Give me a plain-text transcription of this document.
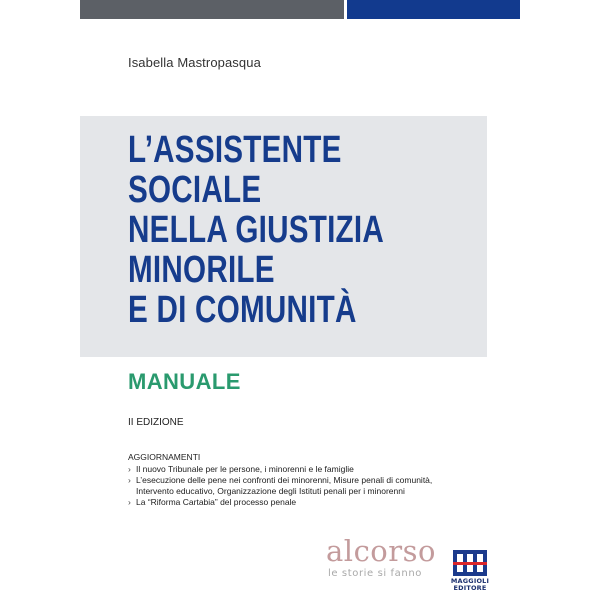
Isabella Mastropasqua
L’ASSISTENTE
SOCIALE
NELLA GIUSTIZIA
MINORILE
E DI COMUNITÀ
MANUALE
II EDIZIONE
AGGIORNAMENTI
› Il nuovo Tribunale per le persone, i minorenni e le famiglie
› L’esecuzione delle pene nei confronti dei minorenni, Misure penali di comunità, Intervento educativo, Organizzazione degli Istituti penali per i minorenni
› La “Riforma Cartabia” del processo penale
alcorso
le storie si fanno
MAGGIOLI
EDITORE
